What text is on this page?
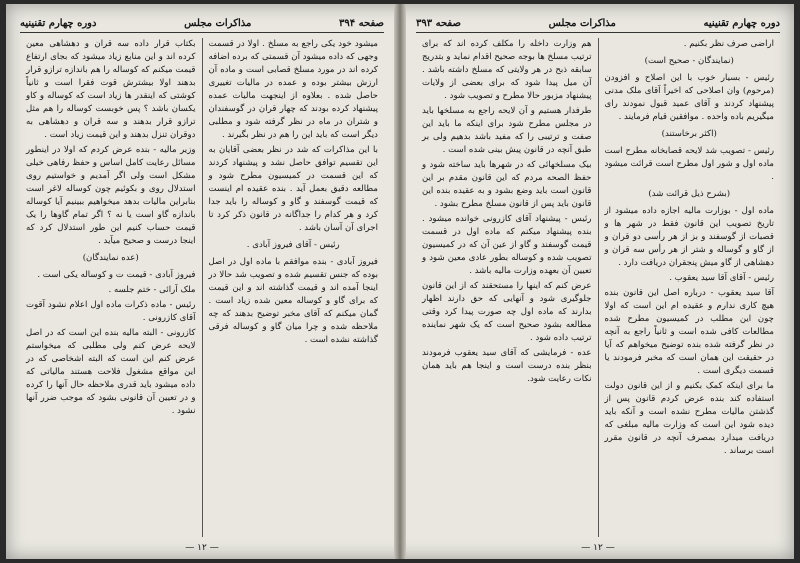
صفحه ۳۹۴
مذاکرات مجلس
دوره چهارم تقنينيه

میشود خود یکی راجع به مسلخ . اولا در قسمت وجهی که داده میشود آن قسمتی که برده اضافه کرده اند در مورد مسلخ قصابی است و ماده آن ارزش بیشتر بوده و عمده در مالیات تغییری حاصل شده . بعلاوه از اینجهت مالیات عمده پیشنهاد کرده بودند که چهار قران در گوسفندان و شتران در ماه در نظر گرفته شود و مطلبی دیگر است که باید این را هم در نظر بگیرند .

با این مذاکرات که شد در نظر بعضی آقایان به این تقسیم توافق حاصل نشد و پیشنهاد کردند که این قسمت در کمیسیون مطرح شود و مطالعه دقیق بعمل آید . بنده عقیده ام اینست که قیمت گوسفند و گاو و کوساله را باید جدا کرد و هر کدام را جداگانه در قانون ذکر کرد تا اجرای آن آسان باشد .

رئیس - آقای فیروز آبادی .

فیروز آبادی - بنده موافقم با ماده اول در اصل بوده که جنس تقسیم شده و تصویب شد حالا در اینجا آمده اند و قیمت گذاشته اند و این قیمت که برای گاو و کوساله معین شده زیاد است . گمان میکنم که آقای مخبر توضیح بدهند که چه ملاحظه شده و چرا میان گاو و کوساله فرقی گذاشته نشده است .

بکتاب قرار داده سه قران و دهشاهی معین کرده اند و این منابع زیاد میشود که بجای ارتفاع قیمت میکنم که کوساله را هم باندازه ترازو قرار بدهند اولا بیشترش قوت فقرا است و ثانیاً کوشتی که اینقدر ها زیاد است که کوساله و کاو یکسان باشد ؟ پس خوبست کوساله را هم مثل ترازو قرار بدهند و سه قران و دهشاهی به دوقران تنزل بدهند و این قیمت زیاد است .

وزیر مالیه - بنده عرض کردم که اولا در اینطور مسائل رعایت کامل اساس و حفظ رفاهی خیلی مشکل است ولی اگر آمدیم و خواستیم روی استدلال روی و بکوئیم چون کوساله لاغر است بنابراین مالیات بدهد میخواهیم ببینیم آیا کوساله باندازه گاو است یا نه ؟ اگر تمام گاوها را یک قیمت حساب کنیم این طور استدلال کرد که اینجا درست و صحیح میآید .

(عده نمایندگان)

فیروز آبادی - قیمت ت و کوساله یکی است .

ملک آرائی - ختم جلسه .

رئیس - ماده ذکرات ماده اول اعلام نشود آقوت آقای کازرونی .

کازرونی - البته مالیه بنده این است که در اصل لایحه عرض کنم ولی مطلبی که میخواستم عرض کنم این است که البته اشخاصی که در این مواقع مشغول فلاحت هستند مالیاتی که داده میشود باید قدری ملاحظه حال آنها را کرده و در تعیین آن قانونی بشود که موجب ضرر آنها نشود .

— ۱۲ —
دوره چهارم تقنينيه
مذاکرات مجلس
صفحه ۳۹۳

اراضی صرف نظر بکنیم .

(نمایندگان - صحیح است)

رئیس - بسیار خوب با این اصلاح و افزودن (مرحوم) وان اصلاحی که اخیراً آقای ملک مدنی پیشنهاد کردند و آقای عمید قبول نمودند رای میگیریم باده واحده . موافقین قیام فرمایند .

(اکثر برخاستند)

رئیس - تصویب شد لایحه قصابخانه مطرح است ماده اول و شور اول مطرح است قرائت میشود .

(بشرح ذیل قرائت شد)

ماده اول - بوزارت مالیه اجازه داده میشود از تاریخ تصویب این قانون فقط در شهر ها و قصبات از گوسفند و بز از هر رأسی دو قران و از گاو و گوساله و شتر از هر رأس سه قران و دهشاهی از گاو میش پنجقران دریافت دارد .

رئیس - آقای آقا سید یعقوب .

آقا سید یعقوب - درباره اصل این قانون بنده هیچ کاری ندارم و عقیده ام این است که اولا چون این مطلب در کمیسیون مطرح شده مطالعات کافی شده است و ثانیاً راجع به آنچه در نظر گرفته شده بنده توضیح میخواهم که آیا در حقیقت این همان است که مخبر فرمودند یا قسمت دیگری است .

ما برای اینکه کمک بکنیم و از این قانون دولت استفاده کند بنده عرض کردم قانون پس از گذشتن مالیات مطرح نشده است و آنکه باید دیده شود این است که وزارت مالیه مبلغی که دریافت میدارد بمصرف آنچه در قانون مقرر است برساند .

هم وزارت داخله را مکلف کرده اند که برای ترتیب مسلخ ها بوجه صحیح اقدام نماید و بتدریج سابقه ذبح در هر ولایتی که مسلخ داشته باشد . آن میل پیدا شود که برای بعضی از ولایات پیشنهاد مزبور حالا مطرح و تصویب شود .

طرفدار هستیم و آن لایحه راجع به مسلخها باید در مجلس مطرح شود برای اینکه ما باید این صفت و ترتیبی را که مفید باشد بدهیم ولی بر طبق آنچه در قانون پیش بینی شده است .

بیک مسلخهائی که در شهرها باید ساخته شود و حفظ الصحه مردم که این قانون مقدم بر این قانون است باید وضع بشود و به عقیده بنده این قانون باید پس از قانون مسلخ مطرح بشود .

رئیس - پیشنهاد آقای کازرونی خوانده میشود . بنده پیشنهاد میکنم که ماده اول در قسمت قیمت گوسفند و گاو از عین آن که در کمیسیون تصویب شده و کوساله بطور عادی معین شود و تعیین آن بعهده وزارت مالیه باشد .

عرض کنم که اینها را مستحقند که از این قانون جلوگیری شود و آنهایی که حق دارند اظهار بدارند که ماده اول چه صورت پیدا کرد وقتی مطالعه بشود صحیح است که یک شهر نماینده ترتیب داده شود .

عده - فرمایشی که آقای سید یعقوب فرمودند بنظر بنده درست است و اینجا هم باید همان نکات رعایت شود.

— ۱۲ —
